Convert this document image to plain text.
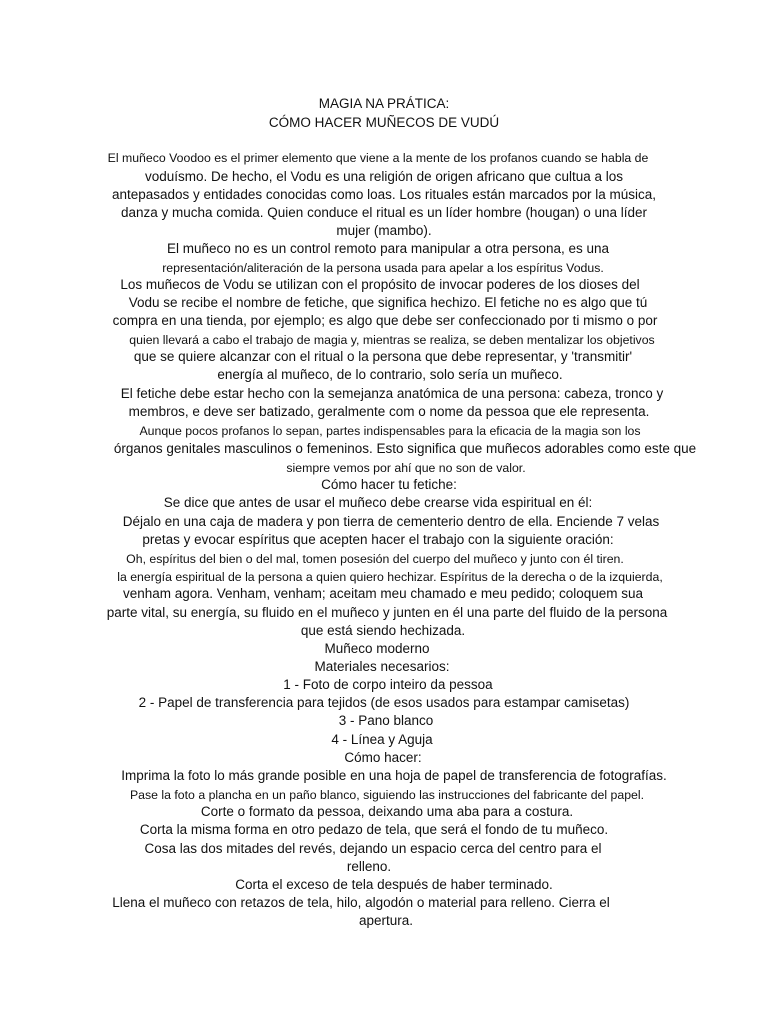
MAGIA NA PRÁTICA:
CÓMO HACER MUÑECOS DE VUDÚ
El muñeco Voodoo es el primer elemento que viene a la mente de los profanos cuando se habla de
voduísmo. De hecho, el Vodu es una religión de origen africano que cultua a los
antepasados y entidades conocidas como loas. Los rituales están marcados por la música,
danza y mucha comida. Quien conduce el ritual es un líder hombre (hougan) o una líder
mujer (mambo).
El muñeco no es un control remoto para manipular a otra persona, es una
representación/aliteración de la persona usada para apelar a los espíritus Vodus.
Los muñecos de Vodu se utilizan con el propósito de invocar poderes de los dioses del
Vodu se recibe el nombre de fetiche, que significa hechizo. El fetiche no es algo que tú
compra en una tienda, por ejemplo; es algo que debe ser confeccionado por ti mismo o por
quien llevará a cabo el trabajo de magia y, mientras se realiza, se deben mentalizar los objetivos
que se quiere alcanzar con el ritual o la persona que debe representar, y 'transmitir'
energía al muñeco, de lo contrario, solo sería un muñeco.
El fetiche debe estar hecho con la semejanza anatómica de una persona: cabeza, tronco y
membros, e deve ser batizado, geralmente com o nome da pessoa que ele representa.
Aunque pocos profanos lo sepan, partes indispensables para la eficacia de la magia son los
órganos genitales masculinos o femeninos. Esto significa que muñecos adorables como este que
siempre vemos por ahí que no son de valor.
Cómo hacer tu fetiche:
Se dice que antes de usar el muñeco debe crearse vida espiritual en él:
Déjalo en una caja de madera y pon tierra de cementerio dentro de ella. Enciende 7 velas
pretas y evocar espíritus que acepten hacer el trabajo con la siguiente oración:
Oh, espíritus del bien o del mal, tomen posesión del cuerpo del muñeco y junto con él tiren.
la energía espiritual de la persona a quien quiero hechizar. Espíritus de la derecha o de la izquierda,
venham agora. Venham, venham; aceitam meu chamado e meu pedido; coloquem sua
parte vital, su energía, su fluido en el muñeco y junten en él una parte del fluido de la persona
que está siendo hechizada.
Muñeco moderno
Materiales necesarios:
1 - Foto de corpo inteiro da pessoa
2 - Papel de transferencia para tejidos (de esos usados para estampar camisetas)
3 - Pano blanco
4 - Línea y Aguja
Cómo hacer:
Imprima la foto lo más grande posible en una hoja de papel de transferencia de fotografías.
Pase la foto a plancha en un paño blanco, siguiendo las instrucciones del fabricante del papel.
Corte o formato da pessoa, deixando uma aba para a costura.
Corta la misma forma en otro pedazo de tela, que será el fondo de tu muñeco.
Cosa las dos mitades del revés, dejando un espacio cerca del centro para el
relleno.
Corta el exceso de tela después de haber terminado.
Llena el muñeco con retazos de tela, hilo, algodón o material para relleno. Cierra el
apertura.
